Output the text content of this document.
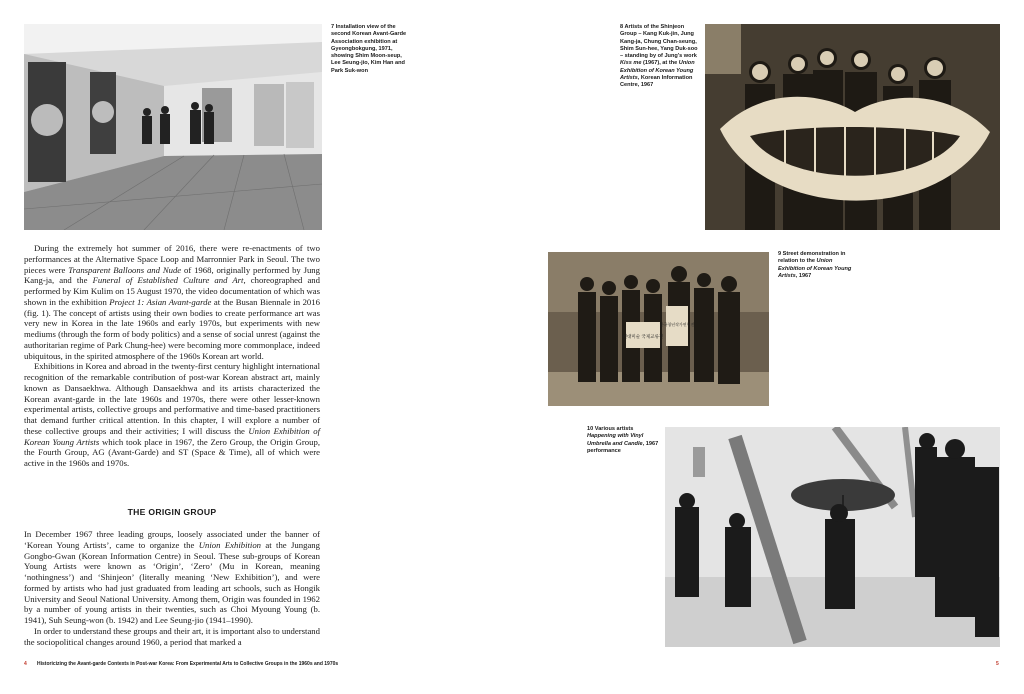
7 Installation view of the second Korean Avant-Garde Association exhibition at Gyeongbokgung, 1971, showing Shim Moon-seup, Lee Seung-jio, Kim Han and Park Suk-won
8 Artists of the Shinjeon Group – Kang Kuk-jin, Jung Kang-ja, Chung Chan-seung, Shim Sun-hee, Yang Duk-soo – standing by of Jung's work Kiss me (1967), at the Union Exhibition of Korean Young Artists, Korean Information Centre, 1967
현대미술 국제교류전
한국청년작가연립전
9 Street demonstration in relation to the Union Exhibition of Korean Young Artists, 1967
10 Various artists Happening with Vinyl Umbrella and Candle, 1967 performance

During the extremely hot summer of 2016, there were re-enactments of two performances at the Alternative Space Loop and Marronnier Park in Seoul. The two pieces were Transparent Balloons and Nude of 1968, originally performed by Jung Kang-ja, and the Funeral of Established Culture and Art, choreographed and performed by Kim Kulim on 15 August 1970, the video documentation of which was shown in the exhibition Project 1: Asian Avant-garde at the Busan Biennale in 2016 (fig. 1). The concept of artists using their own bodies to create performance art was very new in Korea in the late 1960s and early 1970s, but experiments with new mediums (through the form of body politics) and a sense of social unrest (against the authoritarian regime of Park Chung-hee) were becoming more commonplace, indeed ubiquitous, in the spirited atmosphere of the 1960s Korean art world.

Exhibitions in Korea and abroad in the twenty-first century highlight international recognition of the remarkable contribution of post-war Korean abstract art, mainly known as Dansaekhwa. Although Dansaekhwa and its artists characterized the Korean avant-garde in the late 1960s and 1970s, there were other lesser-known experimental artists, collective groups and performative and time-based practitioners that demand further critical attention. In this chapter, I will explore a number of these collective groups and their activities; I will discuss the Union Exhibition of Korean Young Artists which took place in 1967, the Zero Group, the Origin Group, the Fourth Group, AG (Avant-Garde) and ST (Space & Time), all of which were active in the 1960s and 1970s.

THE ORIGIN GROUP

In December 1967 three leading groups, loosely associated under the banner of ‘Korean Young Artists’, came to organize the Union Exhibition at the Jungang Gongbo-Gwan (Korean Information Centre) in Seoul. These sub-groups of Korean Young Artists were known as ‘Origin’, ‘Zero’ (Mu in Korean, meaning ‘nothingness’) and ‘Shinjeon’ (literally meaning ‘New Exhibition’), and were formed by artists who had just graduated from leading art schools, such as Hongik University and Seoul National University. Among them, Origin was founded in 1962 by a number of young artists in their twenties, such as Choi Myoung Young (b. 1941), Suh Seung-won (b. 1942) and Lee Seung-jio (1941–1990).

In order to understand these groups and their art, it is important also to understand the sociopolitical changes around 1960, a period that marked a

4 Historicizing the Avant-garde Contexts in Post-war Korea: From Experimental Arts to Collective Groups in the 1960s and 1970s	5
